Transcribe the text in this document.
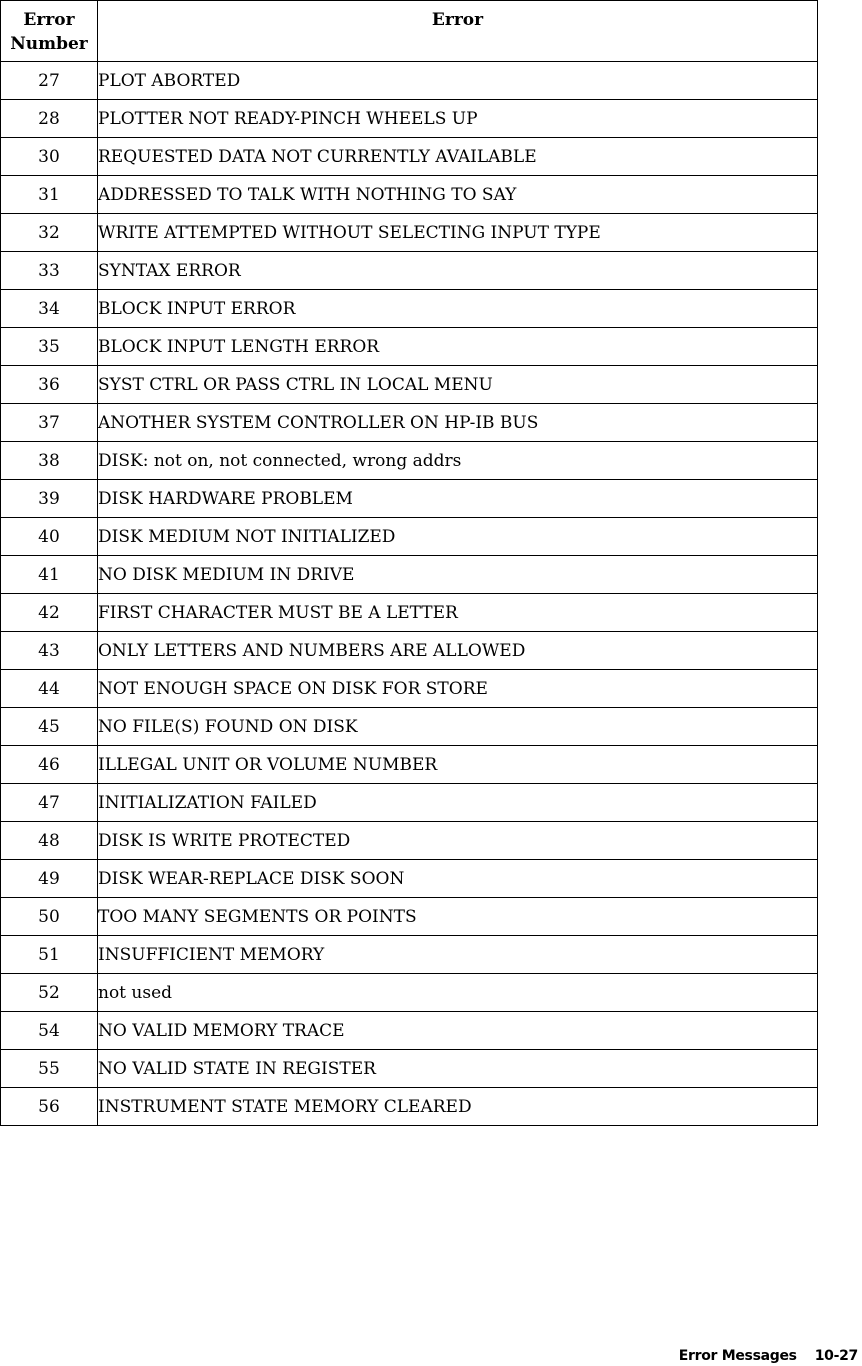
Error
Number	Error
27	PLOT ABORTED
28	PLOTTER NOT READY-PINCH WHEELS UP
30	REQUESTED DATA NOT CURRENTLY AVAILABLE
31	ADDRESSED TO TALK WITH NOTHING TO SAY
32	WRITE ATTEMPTED WITHOUT SELECTING INPUT TYPE
33	SYNTAX ERROR
34	BLOCK INPUT ERROR
35	BLOCK INPUT LENGTH ERROR
36	SYST CTRL OR PASS CTRL IN LOCAL MENU
37	ANOTHER SYSTEM CONTROLLER ON HP-IB BUS
38	DISK: not on, not connected, wrong addrs
39	DISK HARDWARE PROBLEM
40	DISK MEDIUM NOT INITIALIZED
41	NO DISK MEDIUM IN DRIVE
42	FIRST CHARACTER MUST BE A LETTER
43	ONLY LETTERS AND NUMBERS ARE ALLOWED
44	NOT ENOUGH SPACE ON DISK FOR STORE
45	NO FILE(S) FOUND ON DISK
46	ILLEGAL UNIT OR VOLUME NUMBER
47	INITIALIZATION FAILED
48	DISK IS WRITE PROTECTED
49	DISK WEAR-REPLACE DISK SOON
50	TOO MANY SEGMENTS OR POINTS
51	INSUFFICIENT MEMORY
52	not used
54	NO VALID MEMORY TRACE
55	NO VALID STATE IN REGISTER
56	INSTRUMENT STATE MEMORY CLEARED
Error Messages 10-27
